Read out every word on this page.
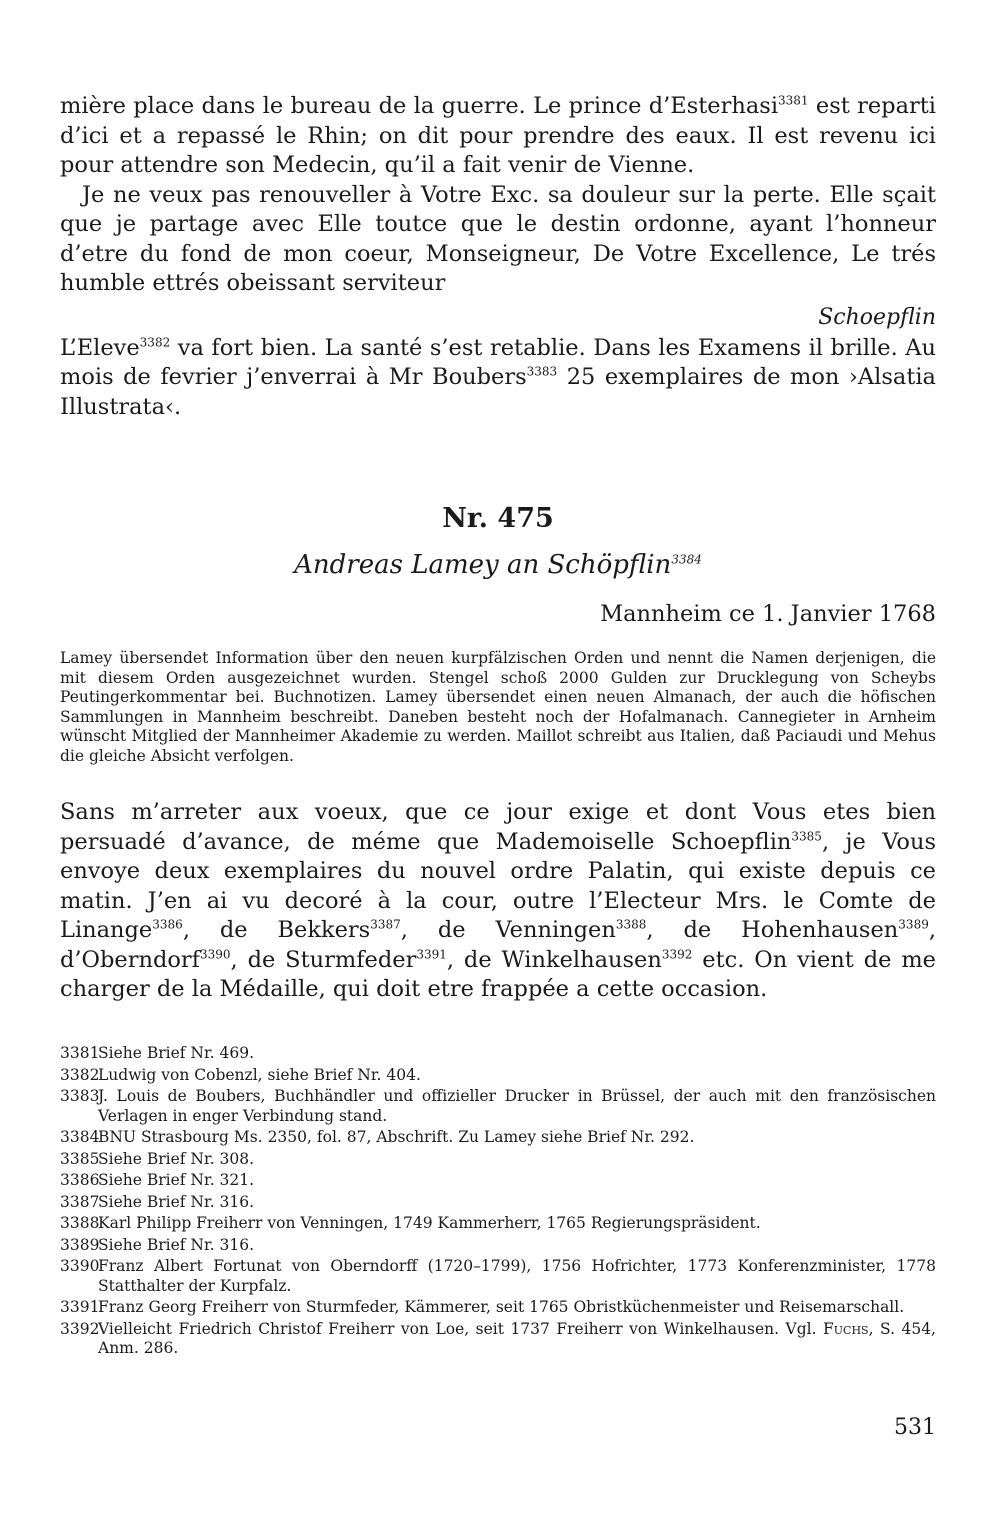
mière place dans le bureau de la guerre. Le prince d’Esterhasi$^{3381}$ est reparti d’ici et a repassé le Rhin; on dit pour prendre des eaux. Il est revenu ici pour attendre son Medecin, qu’il a fait venir de Vienne.

Je ne veux pas renouveller à Votre Exc. sa douleur sur la perte. Elle sçait que je partage avec Elle toutce que le destin ordonne, ayant l’honneur d’etre du fond de mon coeur, Monseigneur, De Votre Excellence, Le trés humble ettrés obeissant serviteur

Schoepflin

L’Eleve$^{3382}$ va fort bien. La santé s’est retablie. Dans les Examens il brille. Au mois de fevrier j’enverrai à Mr Boubers$^{3383}$ 25 exemplaires de mon ›Alsatia Illustrata‹.

Nr. 475

Andreas Lamey an Schöpflin$^{3384}$

Mannheim ce 1. Janvier 1768

Lamey übersendet Information über den neuen kurpfälzischen Orden und nennt die Namen derjenigen, die mit diesem Orden ausgezeichnet wurden. Stengel schoß 2000 Gulden zur Drucklegung von Scheybs Peutingerkommentar bei. Buchnotizen. Lamey übersendet einen neuen Almanach, der auch die höfischen Sammlungen in Mannheim beschreibt. Daneben besteht noch der Hofalmanach. Cannegieter in Arnheim wünscht Mitglied der Mannheimer Akademie zu werden. Maillot schreibt aus Italien, daß Paciaudi und Mehus die gleiche Absicht verfolgen.

Sans m’arreter aux voeux, que ce jour exige et dont Vous etes bien persuadé d’avance, de méme que Mademoiselle Schoepflin$^{3385}$, je Vous envoye deux exemplaires du nouvel ordre Palatin, qui existe depuis ce matin. J’en ai vu decoré à la cour, outre l’Electeur Mrs. le Comte de Linange$^{3386}$, de Bekkers$^{3387}$, de Venningen$^{3388}$, de Hohenhausen$^{3389}$, d’Oberndorf$^{3390}$, de Sturmfeder$^{3391}$, de Winkelhausen$^{3392}$ etc. On vient de me charger de la Médaille, qui doit etre frappée a cette occasion.

3381
Siehe Brief Nr. 469.
3382
Ludwig von Cobenzl, siehe Brief Nr. 404.
3383
J. Louis de Boubers, Buchhändler und offizieller Drucker in Brüssel, der auch mit den französischen Verlagen in enger Verbindung stand.
3384
BNU Strasbourg Ms. 2350, fol. 87, Abschrift. Zu Lamey siehe Brief Nr. 292.
3385
Siehe Brief Nr. 308.
3386
Siehe Brief Nr. 321.
3387
Siehe Brief Nr. 316.
3388
Karl Philipp Freiherr von Venningen, 1749 Kammerherr, 1765 Regierungspräsident.
3389
Siehe Brief Nr. 316.
3390
Franz Albert Fortunat von Oberndorff (1720–1799), 1756 Hofrichter, 1773 Konferenzminister, 1778 Statthalter der Kurpfalz.
3391
Franz Georg Freiherr von Sturmfeder, Kämmerer, seit 1765 Obristküchenmeister und Reisemarschall.
3392
Vielleicht Friedrich Christof Freiherr von Loe, seit 1737 Freiherr von Winkelhausen. Vgl. Fuchs, S. 454, Anm. 286.
531
